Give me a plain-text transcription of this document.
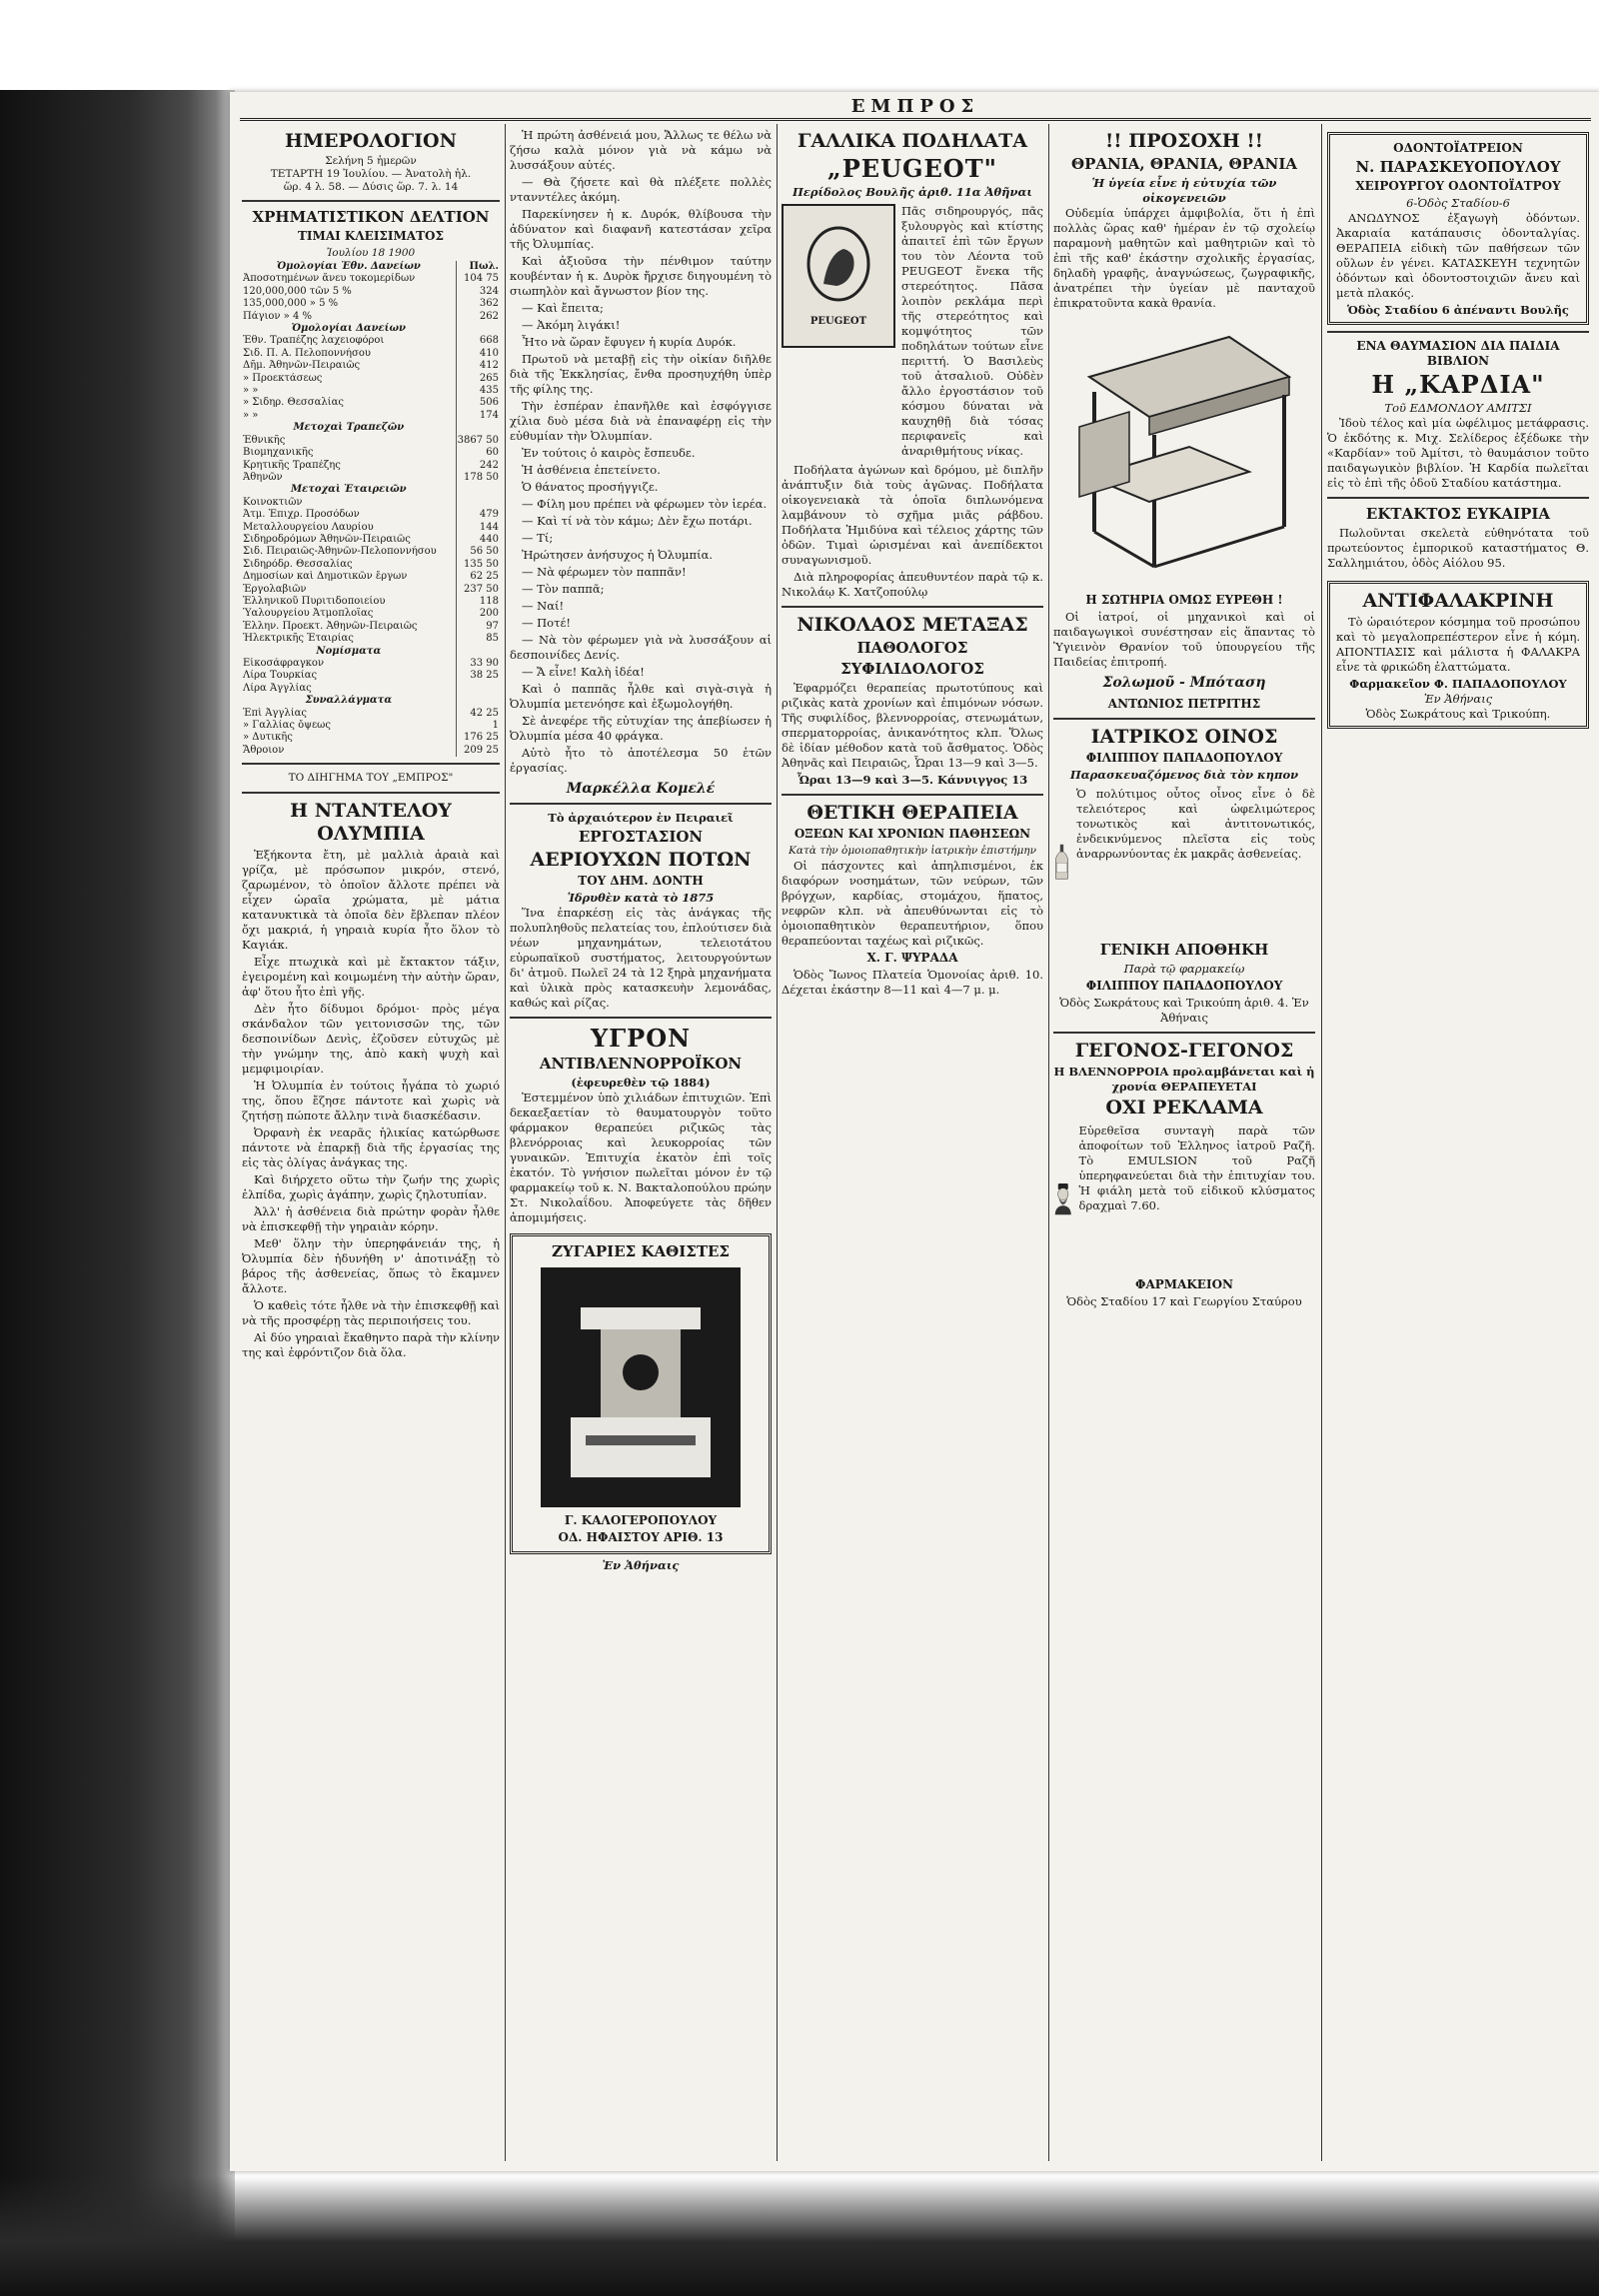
ΕΜΠΡΟΣ
ΗΜΕΡΟΛΟΓΙΟΝ
Σελήνη 5 ἡμερῶν
ΤΕΤΑΡΤΗ 19 Ἰουλίου. — Ἀνατολὴ ἡλ.
ὥρ. 4 λ. 58. — Δύσις ὥρ. 7. λ. 14
ΧΡΗΜΑΤΙΣΤΙΚΟΝ ΔΕΛΤΙΟΝ
ΤΙΜΑΙ ΚΛΕΙΣΙΜΑΤΟΣ
Ἰουλίου 18 1900
Ὁμολογίαι Ἐθν. Δανείων	Πωλ.
Ἀποσοτημένων ἄνευ τοκομερίδων	104 75
120,000,000 τῶν 5 %	324
135,000,000 » 5 %	362
Πάγιον » 4 %	262
Ὁμολογίαι Δανείων	
Ἐθν. Τραπέζης λαχειοφόροι	668
Σιδ. Π. Α. Πελοποννήσου	410
Δῆμ. Ἀθηνῶν-Πειραιῶς	412
» Προεκτάσεως	265
» »	435
» Σιδηρ. Θεσσαλίας	506
» »	174
Μετοχαὶ Τραπεζῶν	
Ἐθνικῆς	3867 50
Βιομηχανικῆς	60
Κρητικῆς Τραπέζης	242
Ἀθηνῶν	178 50
Μετοχαὶ Ἑταιρειῶν	
Κοινοκτιῶν	
Ἀτμ. Ἐπιχρ. Προσόδων	479
Μεταλλουργείου Λαυρίου	144
Σιδηροδρόμων Ἀθηνῶν-Πειραιῶς	440
Σιδ. Πειραιῶς-Ἀθηνῶν-Πελοποννήσου	56 50
Σιδηρόδρ. Θεσσαλίας	135 50
Δημοσίων καὶ Δημοτικῶν ἔργων	62 25
Ἐργολαβιῶν	237 50
Ἑλληνικοῦ Πυριτιδοποιείου	118
Ὑαλουργείου Ἀτμοπλοΐας	200
Ἑλλην. Προεκτ. Ἀθηνῶν-Πειραιῶς	97
Ἠλεκτρικῆς Ἑταιρίας	85
Νομίσματα	
Εἰκοσάφραγκον	33 90
Λίρα Τουρκίας	38 25
Λίρα Ἀγγλίας	
Συναλλάγματα	
Ἐπὶ Ἀγγλίας	42 25
» Γαλλίας ὄψεως	1
» Δυτικῆς	176 25
Ἄθροιον	209 25
ΤΟ ΔΙΗΓΗΜΑ ΤΟΥ „ΕΜΠΡΟΣ"
Η ΝΤΑΝΤΕΛΟΥ ΟΛΥΜΠΙΑ

Ἐξήκοντα ἔτη, μὲ μαλλιὰ ἀραιὰ καὶ γρίζα, μὲ πρόσωπον μικρόν, στενό, ζαρωμένον, τὸ ὁποῖον ἄλλοτε πρέπει νὰ εἶχεν ὡραῖα χρώματα, μὲ μάτια κατανυκτικὰ τὰ ὁποῖα δὲν ἔβλεπαν πλέον ὄχι μακριά, ἡ γηραιὰ κυρία ἦτο ὅλον τὸ Καγιάκ.

Εἶχε πτωχικὰ καὶ μὲ ἔκτακτον τάξιν, ἐγειρομένη καὶ κοιμωμένη τὴν αὐτὴν ὥραν, ἀφ' ὅτου ἦτο ἐπὶ γῆς.

Δὲν ἦτο δίδυμοι δρόμοι· πρὸς μέγα σκάνδαλον τῶν γειτονισσῶν της, τῶν δεσποινίδων Δενὶς, ἐζοῦσεν εὐτυχῶς μὲ τὴν γνώμην της, ἀπὸ κακὴ ψυχὴ καὶ μεμφιμοιρίαν.

Ἡ Ὀλυμπία ἐν τούτοις ἦγάπα τὸ χωριό της, ὅπου ἔζησε πάντοτε καὶ χωρὶς νὰ ζητήσῃ πώποτε ἄλλην τινὰ διασκέδασιν.

Ὀρφανὴ ἐκ νεαρᾶς ἡλικίας κατώρθωσε πάντοτε νὰ ἐπαρκῇ διὰ τῆς ἐργασίας της εἰς τὰς ὀλίγας ἀνάγκας της.

Καὶ διήρχετο οὕτω τὴν ζωήν της χωρὶς ἐλπίδα, χωρὶς ἀγάπην, χωρὶς ζηλοτυπίαν.

Ἀλλ' ἡ ἀσθένεια διὰ πρώτην φορὰν ἦλθε νὰ ἐπισκεφθῇ τὴν γηραιὰν κόρην.

Μεθ' ὅλην τὴν ὑπερηφάνειάν της, ἡ Ὀλυμπία δὲν ἠδυνήθη ν' ἀποτινάξῃ τὸ βάρος τῆς ἀσθενείας, ὅπως τὸ ἔκαμνεν ἄλλοτε.

Ὁ καθεὶς τότε ἦλθε νὰ τὴν ἐπισκεφθῇ καὶ νὰ τῆς προσφέρῃ τὰς περιποιήσεις του.

Αἱ δύο γηραιαὶ ἔκαθηντο παρὰ τὴν κλίνην της καὶ ἐφρόντιζον διὰ ὅλα.

Ἡ πρώτη ἀσθένειά μου, Ἄλλως τε θέλω νὰ ζήσω καλὰ μόνον γιὰ νὰ κάμω νὰ λυσσάξουν αὐτές.

— Θὰ ζήσετε καὶ θὰ πλέξετε πολλὲς ντανντέλες ἀκόμη.

Παρεκίνησεν ἡ κ. Δυρόκ, θλίβουσα τὴν ἀδύνατον καὶ διαφανῆ κατεστάσαν χεῖρα τῆς Ὀλυμπίας.

Καὶ ἀξιοῦσα τὴν πένθιμον ταύτην κουβένταν ἡ κ. Δυρὸκ ἤρχισε διηγουμένη τὸ σιωπηλὸν καὶ ἄγνωστον βίον της.

— Καὶ ἔπειτα;

— Ἀκόμη λιγάκι!

Ἦτο νὰ ὥραν ἔφυγεν ἡ κυρία Δυρόκ.

Πρωτοῦ νὰ μεταβῇ εἰς τὴν οἰκίαν διῆλθε διὰ τῆς Ἐκκλησίας, ἔνθα προσηυχήθη ὑπὲρ τῆς φίλης της.

Τὴν ἑσπέραν ἐπανῆλθε καὶ ἐσφόγγισε χίλια δυὸ μέσα διὰ νὰ ἐπαναφέρῃ εἰς τὴν εὐθυμίαν τὴν Ὀλυμπίαν.

Ἐν τούτοις ὁ καιρὸς ἔσπευδε.

Ἡ ἀσθένεια ἐπετείνετο.

Ὁ θάνατος προσήγγιζε.

— Φίλη μου πρέπει νὰ φέρωμεν τὸν ἱερέα.

— Καὶ τί νὰ τὸν κάμω; Δὲν ἔχω ποτάρι.

— Τί;

Ἠρώτησεν ἀνήσυχος ἡ Ὀλυμπία.

— Νὰ φέρωμεν τὸν παππᾶν!

— Τὸν παππᾶ;

— Ναί!

— Ποτέ!

— Νὰ τὸν φέρωμεν γιὰ νὰ λυσσάξουν αἱ δεσποινίδες Δενίς.

— Ἄ εἶνε! Καλὴ ἰδέα!

Καὶ ὁ παππᾶς ἦλθε καὶ σιγὰ-σιγὰ ἡ Ὀλυμπία μετενόησε καὶ ἐξωμολογήθη.

Σὲ ἀνεφέρε τῆς εὐτυχίαν της ἀπεβίωσεν ἡ Ὀλυμπία μέσα 40 φράγκα.

Αὐτὸ ἦτο τὸ ἀποτέλεσμα 50 ἐτῶν ἐργασίας.

Μαρκέλλα Κομελέ
Τὸ ἀρχαιότερον ἐν Πειραιεῖ
ΕΡΓΟΣΤΑΣΙΟΝ
ΑΕΡΙΟΥΧΩΝ ΠΟΤΩΝ
ΤΟΥ ΔΗΜ. ΔΟΝΤΗ
Ἱδρυθὲν κατὰ τὸ 1875

Ἵνα ἐπαρκέσῃ εἰς τὰς ἀνάγκας τῆς πολυπληθοῦς πελατείας του, ἐπλούτισεν διὰ νέων μηχανημάτων, τελειοτάτου εὐρωπαϊκοῦ συστήματος, λειτουργούντων δι' ἀτμοῦ. Πωλεῖ 24 τὰ 12 ξηρὰ μηχανήματα καὶ ὑλικὰ πρὸς κατασκευὴν λεμονάδας, καθώς καὶ ρίζας.

ΥΓΡΟΝ
ΑΝΤΙΒΛΕΝΝΟΡΡΟΪΚΟΝ
(ἐφευρεθὲν τῷ 1884)

Ἐστεμμένον ὑπὸ χιλιάδων ἐπιτυχιῶν. Ἐπὶ δεκαεξαετίαν τὸ θαυματουργὸν τοῦτο φάρμακον θεραπεύει ριζικῶς τὰς βλενόρροιας καὶ λευκορροίας τῶν γυναικῶν. Ἐπιτυχία ἑκατὸν ἐπὶ τοῖς ἑκατόν. Τὸ γνήσιον πωλεῖται μόνον ἐν τῷ φαρμακείῳ τοῦ κ. Ν. Βακταλοπούλου πρώην Στ. Νικολαΐδου. Ἀποφεύγετε τὰς δῆθεν ἀπομιμήσεις.

ΖΥΓΑΡΙΕΣ ΚΑΘΙΣΤΕΣ
Γ. ΚΑΛΟΓΕΡΟΠΟΥΛΟΥ
ΟΔ. ΗΦΑΙΣΤΟΥ ΑΡΙΘ. 13
Ἐν Ἀθήναις
ΓΑΛΛΙΚΑ ΠΟΔΗΛΑΤΑ
„PEUGEOT"
Περίδολος Βουλῆς ἀριθ. 11α Ἀθῆναι
PEUGEOT

Πᾶς σιδηρουργός, πᾶς ξυλουργὸς καὶ κτίστης ἀπαιτεῖ ἐπὶ τῶν ἔργων του τὸν Λέοντα τοῦ PEUGEOT ἕνεκα τῆς στερεότητος. Πᾶσα λοιπὸν ρεκλάμα περὶ τῆς στερεότητος καὶ κομψότητος τῶν ποδηλάτων τούτων εἶνε περιττή. Ὁ Βασιλεὺς τοῦ ἀτσαλιοῦ. Οὐδὲν ἄλλο ἐργοστάσιον τοῦ κόσμου δύναται νὰ καυχηθῇ διὰ τόσας περιφανεῖς καὶ ἀναριθμήτους νίκας.

Ποδήλατα ἀγώνων καὶ δρόμου, μὲ διπλῆν ἀνάπτυξιν διὰ τοὺς ἀγῶνας. Ποδήλατα οἰκογενειακὰ τὰ ὁποῖα διπλωνόμενα λαμβάνουν τὸ σχῆμα μιᾶς ράβδου. Ποδήλατα Ἡμιδύνα καὶ τέλειος χάρτης τῶν ὁδῶν. Τιμαὶ ὡρισμέναι καὶ ἀνεπίδεκτοι συναγωνισμοῦ.

Διὰ πληροφορίας ἀπευθυντέον παρὰ τῷ κ. Νικολάῳ Κ. Χατζοπούλῳ

ΝΙΚΟΛΑΟΣ ΜΕΤΑΞΑΣ
ΠΑΘΟΛΟΓΟΣ
ΣΥΦΙΛΙΔΟΛΟΓΟΣ

Ἐφαρμόζει θεραπείας πρωτοτύπους καὶ ριζικὰς κατὰ χρονίων καὶ ἐπιμόνων νόσων. Τῆς συφιλίδος, βλεννορροίας, στενωμάτων, σπερματορροίας, ἀνικανότητος κλπ. Ὅλως δὲ ἰδίαν μέθοδον κατὰ τοῦ ἄσθματος. Ὁδὸς Ἀθηνᾶς καὶ Πειραιῶς, Ὧραι 13—9 καὶ 3—5.

Ὧραι 13—9 καὶ 3—5. Κάννιγγος 13
ΘΕΤΙΚΗ ΘΕΡΑΠΕΙΑ
ΟΞΕΩΝ ΚΑΙ ΧΡΟΝΙΩΝ ΠΑΘΗΣΕΩΝ
Κατὰ τὴν ὁμοιοπαθητικὴν ἰατρικὴν ἐπιστήμην

Οἱ πάσχοντες καὶ ἀπηλπισμένοι, ἐκ διαφόρων νοσημάτων, τῶν νεύρων, τῶν βρόγχων, καρδίας, στομάχου, ἥπατος, νεφρῶν κλπ. νὰ ἀπευθύνωνται εἰς τὸ ὁμοιοπαθητικὸν θεραπευτήριον, ὅπου θεραπεύονται ταχέως καὶ ριζικῶς.

Χ. Γ. ΨΥΡΑΔΑ

Ὁδὸς Ἴωνος Πλατεία Ὁμονοίας ἀριθ. 10. Δέχεται ἐκάστην 8—11 καὶ 4—7 μ. μ.

!! ΠΡΟΣΟΧΗ !!
ΘΡΑΝΙΑ, ΘΡΑΝΙΑ, ΘΡΑΝΙΑ
Ἡ ὑγεία εἶνε ἡ εὐτυχία τῶν οἰκογενειῶν

Οὐδεμία ὑπάρχει ἀμφιβολία, ὅτι ἡ ἐπὶ πολλὰς ὥρας καθ' ἡμέραν ἐν τῷ σχολείῳ παραμονὴ μαθητῶν καὶ μαθητριῶν καὶ τὸ ἐπὶ τῆς καθ' ἑκάστην σχολικῆς ἐργασίας, δηλαδὴ γραφῆς, ἀναγνώσεως, ζωγραφικῆς, ἀνατρέπει τὴν ὑγείαν μὲ πανταχοῦ ἐπικρατοῦντα κακὰ θρανία.

Η ΣΩΤΗΡΙΑ ΟΜΩΣ ΕΥΡΕΘΗ !

Οἱ ἰατροί, οἱ μηχανικοὶ καὶ οἱ παιδαγωγικοὶ συνέστησαν εἰς ἅπαντας τὸ Ὑγιεινὸν Θρανίον τοῦ ὑπουργείου τῆς Παιδείας ἐπιτροπή.

Σολωμοῦ - Μπόταση
ΑΝΤΩΝΙΟΣ ΠΕΤΡΙΤΗΣ
ΙΑΤΡΙΚΟΣ ΟΙΝΟΣ
ΦΙΛΙΠΠΟΥ ΠΑΠΑΔΟΠΟΥΛΟΥ
Παρασκευαζόμενος διὰ τὸν κηπον

Ὁ πολύτιμος οὗτος οἶνος εἶνε ὁ δὲ τελειότερος καὶ ὠφελιμώτερος τονωτικὸς καὶ ἀντιτονωτικός, ἐνδεικνύμενος πλεῖστα εἰς τοὺς ἀναρρωνύοντας ἐκ μακρᾶς ἀσθενείας.

ΓΕΝΙΚΗ ΑΠΟΘΗΚΗ
Παρὰ τῷ φαρμακείῳ
ΦΙΛΙΠΠΟΥ ΠΑΠΑΔΟΠΟΥΛΟΥ
Ὁδὸς Σωκράτους καὶ Τρικούπη ἀριθ. 4. Ἐν Ἀθήναις
ΓΕΓΟΝΟΣ-ΓΕΓΟΝΟΣ
Η ΒΛΕΝΝΟΡΡΟΙΑ προλαμβάνεται καὶ ἡ χρονία ΘΕΡΑΠΕΥΕΤΑΙ
ΟΧΙ ΡΕΚΛΑΜΑ

Εὑρεθεῖσα συνταγὴ παρὰ τῶν ἀποφοίτων τοῦ Ἑλληνος ἰατροῦ Ραζῆ. Τὸ ΕMULSION τοῦ Ραζῆ ὑπερηφανεύεται διὰ τὴν ἐπιτυχίαν του. Ἡ φιάλη μετὰ τοῦ εἰδικοῦ κλύσματος δραχμαὶ 7.60.

ΦΑΡΜΑΚΕΙΟΝ
Ὁδὸς Σταδίου 17 καὶ Γεωργίου Σταύρου
ΟΔΟΝΤΟΪΑΤΡΕΙΟΝ
Ν. ΠΑΡΑΣΚΕΥΟΠΟΥΛΟΥ
ΧΕΙΡΟΥΡΓΟΥ ΟΔΟΝΤΟΪΑΤΡΟΥ
6-Ὁδὸς Σταδίου-6

ΑΝΩΔΥΝΟΣ ἐξαγωγὴ ὀδόντων. Ἀκαριαία κατάπαυσις ὀδονταλγίας. ΘΕΡΑΠΕΙΑ εἰδικὴ τῶν παθήσεων τῶν οὔλων ἐν γένει. ΚΑΤΑΣΚΕΥΗ τεχνητῶν ὀδόντων καὶ ὀδοντοστοιχιῶν ἄνευ καὶ μετὰ πλακός.

Ὁδὸς Σταδίου 6 ἀπέναντι Βουλῆς
ΕΝΑ ΘΑΥΜΑΣΙΟΝ ΔΙΑ ΠΑΙΔΙΑ ΒΙΒΛΙΟΝ
Η „ΚΑΡΔΙΑ"
Τοῦ ΕΔΜΟΝΔΟΥ ΑΜΙΤΣΙ

Ἰδοὺ τέλος καὶ μία ὠφέλιμος μετάφρασις. Ὁ ἐκδότης κ. Μιχ. Σελίδερος ἐξέδωκε τὴν «Καρδίαν» τοῦ Ἀμίτσι, τὸ θαυμάσιον τοῦτο παιδαγωγικὸν βιβλίον. Ἡ Καρδία πωλεῖται εἰς τὸ ἐπὶ τῆς ὁδοῦ Σταδίου κατάστημα.

ΕΚΤΑΚΤΟΣ ΕΥΚΑΙΡΙΑ

Πωλοῦνται σκελετὰ εὐθηνότατα τοῦ πρωτεύοντος ἐμπορικοῦ καταστήματος Θ. Σαλλημιάτου, ὁδὸς Αἰόλου 95.

ΑΝΤΙΦΑΛΑΚΡΙΝΗ

Τὸ ὡραιότερον κόσμημα τοῦ προσώπου καὶ τὸ μεγαλοπρεπέστερον εἶνε ἡ κόμη. ΑΠΟΝΤΙΑΣΙΣ καὶ μάλιστα ἡ ΦΑΛΑΚΡΑ εἶνε τὰ φρικώδη ἐλαττώματα.

Φαρμακεῖον Φ. ΠΑΠΑΔΟΠΟΥΛΟΥ
Ἐν Ἀθήναις
Ὁδὸς Σωκράτους καὶ Τρικούπη.
